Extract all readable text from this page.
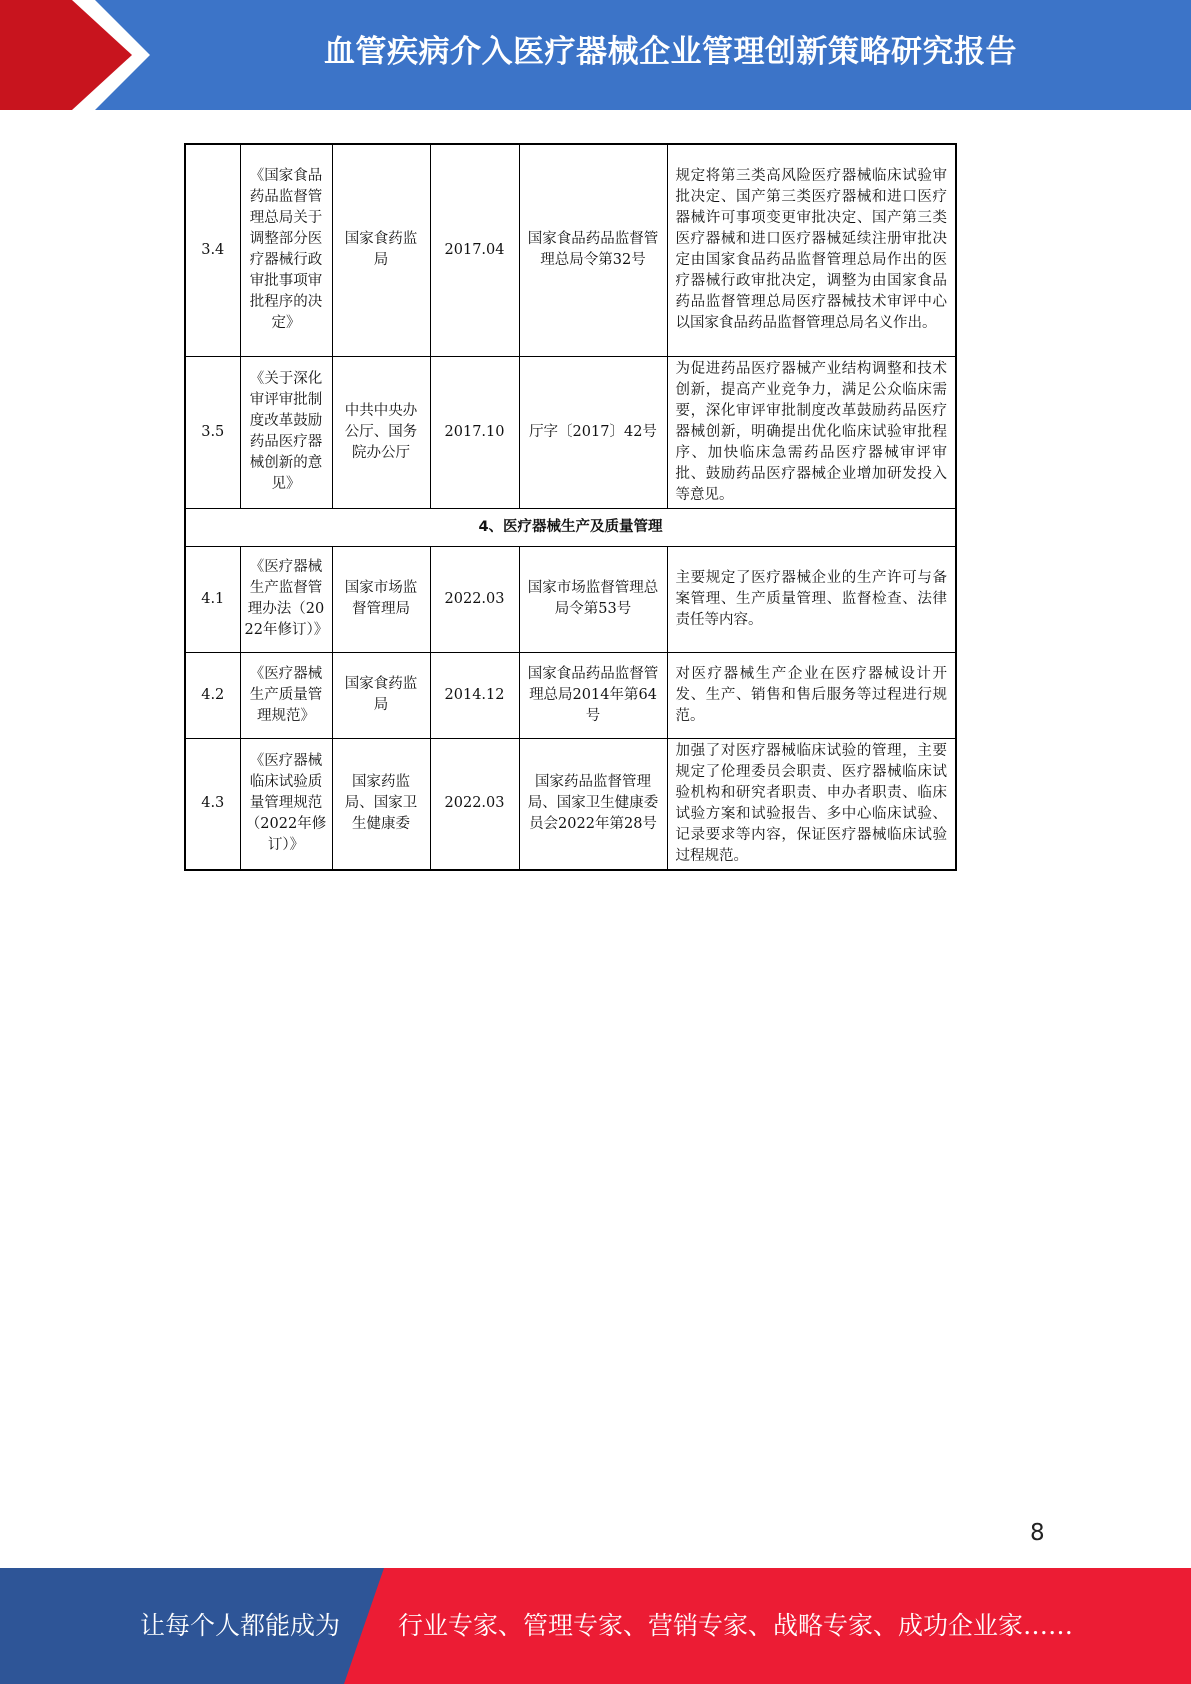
血管疾病介入医疗器械企业管理创新策略研究报告
3.4	《国家食品药品监督管理总局关于调整部分医疗器械行政审批事项审批程序的决定》	国家食药监局	2017.04	国家食品药品监督管理总局令第32号	规定将第三类高风险医疗器械临床试验审批决定、国产第三类医疗器械和进口医疗器械许可事项变更审批决定、国产第三类医疗器械和进口医疗器械延续注册审批决定由国家食品药品监督管理总局作出的医疗器械行政审批决定，调整为由国家食品药品监督管理总局医疗器械技术审评中心以国家食品药品监督管理总局名义作出。
3.5	《关于深化审评审批制度改革鼓励药品医疗器械创新的意见》	中共中央办公厅、国务院办公厅	2017.10	厅字〔2017〕42号	为促进药品医疗器械产业结构调整和技术创新，提高产业竞争力，满足公众临床需要，深化审评审批制度改革鼓励药品医疗器械创新，明确提出优化临床试验审批程序、加快临床急需药品医疗器械审评审批、鼓励药品医疗器械企业增加研发投入等意见。
4、医疗器械生产及质量管理					
4.1	《医疗器械生产监督管理办法（2022年修订）》	国家市场监督管理局	2022.03	国家市场监督管理总局令第53号	主要规定了医疗器械企业的生产许可与备案管理、生产质量管理、监督检查、法律责任等内容。
4.2	《医疗器械生产质量管理规范》	国家食药监局	2014.12	国家食品药品监督管理总局2014年第64号	对医疗器械生产企业在医疗器械设计开发、生产、销售和售后服务等过程进行规范。
4.3	《医疗器械临床试验质量管理规范（2022年修订）》	国家药监局、国家卫生健康委	2022.03	国家药品监督管理局、国家卫生健康委员会2022年第28号	加强了对医疗器械临床试验的管理，主要规定了伦理委员会职责、医疗器械临床试验机构和研究者职责、申办者职责、临床试验方案和试验报告、多中心临床试验、记录要求等内容，保证医疗器械临床试验过程规范。
8
让每个人都能成为 行业专家、管理专家、营销专家、战略专家、成功企业家……
